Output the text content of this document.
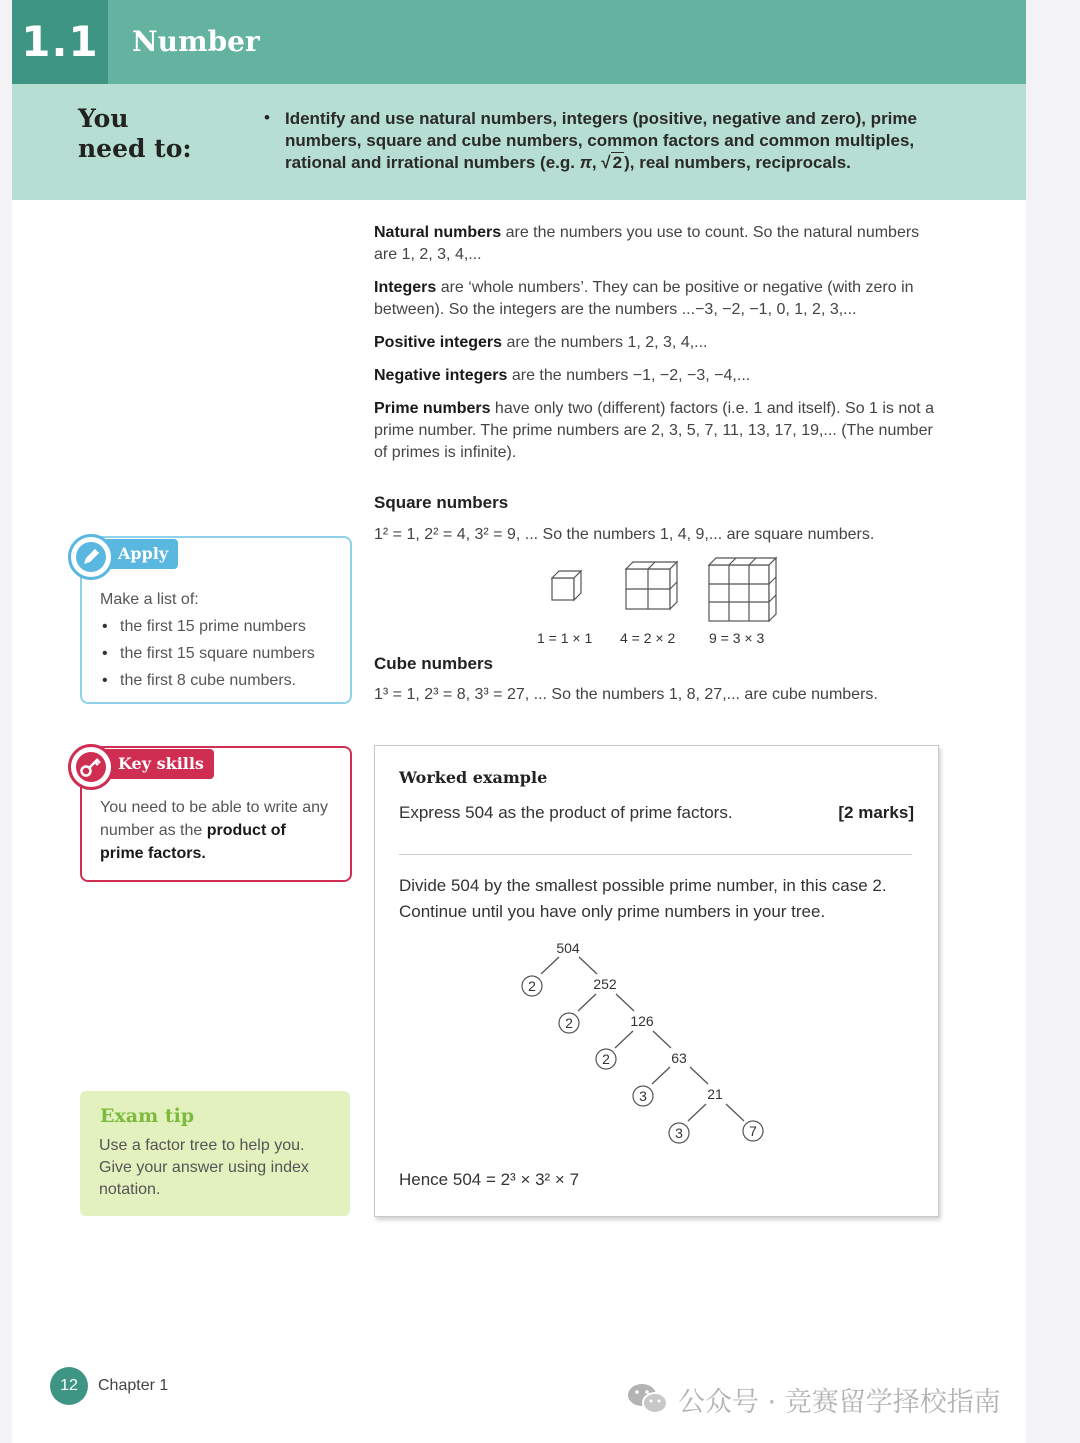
1.1	Number
You
need to:
• Identify and use natural numbers, integers (positive, negative and zero), prime numbers, square and cube numbers, common factors and common multiples, rational and irrational numbers (e.g. π, √ 2 ), real numbers, reciprocals.

Natural numbers are the numbers you use to count. So the natural numbers are 1, 2, 3, 4,...

Integers are ‘whole numbers’. They can be positive or negative (with zero in between). So the integers are the numbers ...−3, −2, −1, 0, 1, 2, 3,...

Positive integers are the numbers 1, 2, 3, 4,...

Negative integers are the numbers −1, −2, −3, −4,...

Prime numbers have only two (different) factors (i.e. 1 and itself). So 1 is not a prime number. The prime numbers are 2, 3, 5, 7, 11, 13, 17, 19,... (The number of primes is infinite).

Square numbers
1² = 1, 2² = 4, 3² = 9, ... So the numbers 1, 4, 9,... are square numbers.
1 = 1 × 1 4 = 2 × 2 9 = 3 × 3
Cube numbers
1³ = 1, 2³ = 8, 3³ = 27, ... So the numbers 1, 8, 27,... are cube numbers.
Apply
Make a list of:
• the first 15 prime numbers
• the first 15 square numbers
• the first 8 cube numbers.
Key skills
You need to be able to write any number as the product of prime factors.
Exam tip
Use a factor tree to help you. Give your answer using index notation.
Worked example
Express 504 as the product of prime factors.	[2 marks]
Divide 504 by the smallest possible prime number, in this case 2. Continue until you have only prime numbers in your tree.
504
252
126
63
21
2
2
2
3
3	7
Hence 504 = 2³ × 3² × 7
12	Chapter 1
公众号 · 竞赛留学择校指南
